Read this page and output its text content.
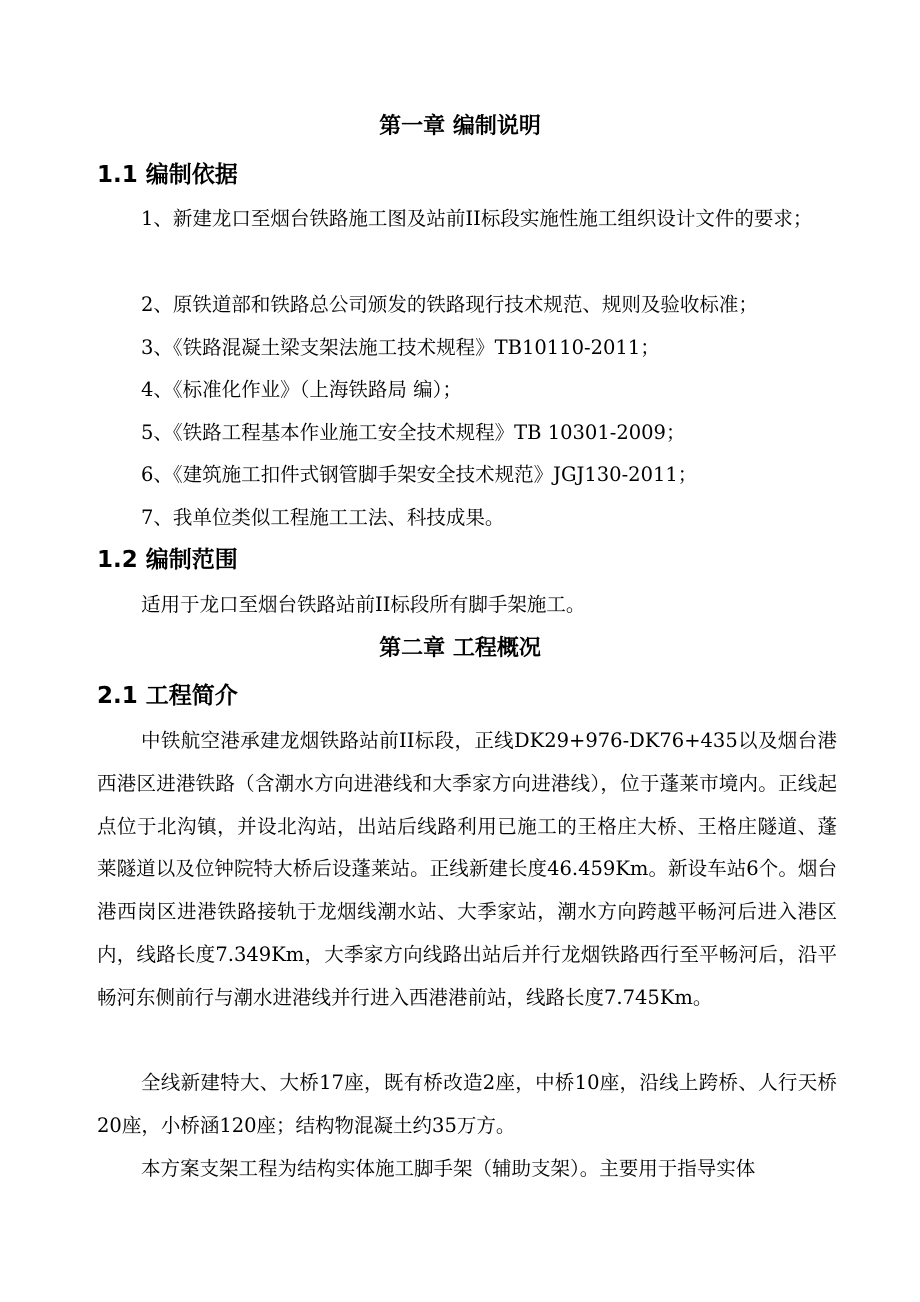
第一章 编制说明
1.1 编制依据

1、新建龙口至烟台铁路施工图及站前II标段实施性施工组织设计文件的要求；

2、原铁道部和铁路总公司颁发的铁路现行技术规范、规则及验收标准；
3、《铁路混凝土梁支架法施工技术规程》TB10110-2011；
4、《标准化作业》（上海铁路局 编）；
5、《铁路工程基本作业施工安全技术规程》TB 10301-2009；
6、《建筑施工扣件式钢管脚手架安全技术规范》JGJ130-2011；
7、我单位类似工程施工工法、科技成果。
1.2 编制范围
适用于龙口至烟台铁路站前II标段所有脚手架施工。
第二章 工程概况
2.1 工程简介

中铁航空港承建龙烟铁路站前II标段，正线DK29+976-DK76+435以及烟台港西港区进港铁路（含潮水方向进港线和大季家方向进港线），位于蓬莱市境内。正线起点位于北沟镇，并设北沟站，出站后线路利用已施工的王格庄大桥、王格庄隧道、蓬莱隧道以及位钟院特大桥后设蓬莱站。正线新建长度46.459Km。新设车站6个。烟台港西岗区进港铁路接轨于龙烟线潮水站、大季家站，潮水方向跨越平畅河后进入港区内，线路长度7.349Km，大季家方向线路出站后并行龙烟铁路西行至平畅河后，沿平畅河东侧前行与潮水进港线并行进入西港港前站，线路长度7.745Km。

全线新建特大、大桥17座，既有桥改造2座，中桥10座，沿线上跨桥、人行天桥20座，小桥涵120座；结构物混凝土约35万方。

本方案支架工程为结构实体施工脚手架（辅助支架）。主要用于指导实体
